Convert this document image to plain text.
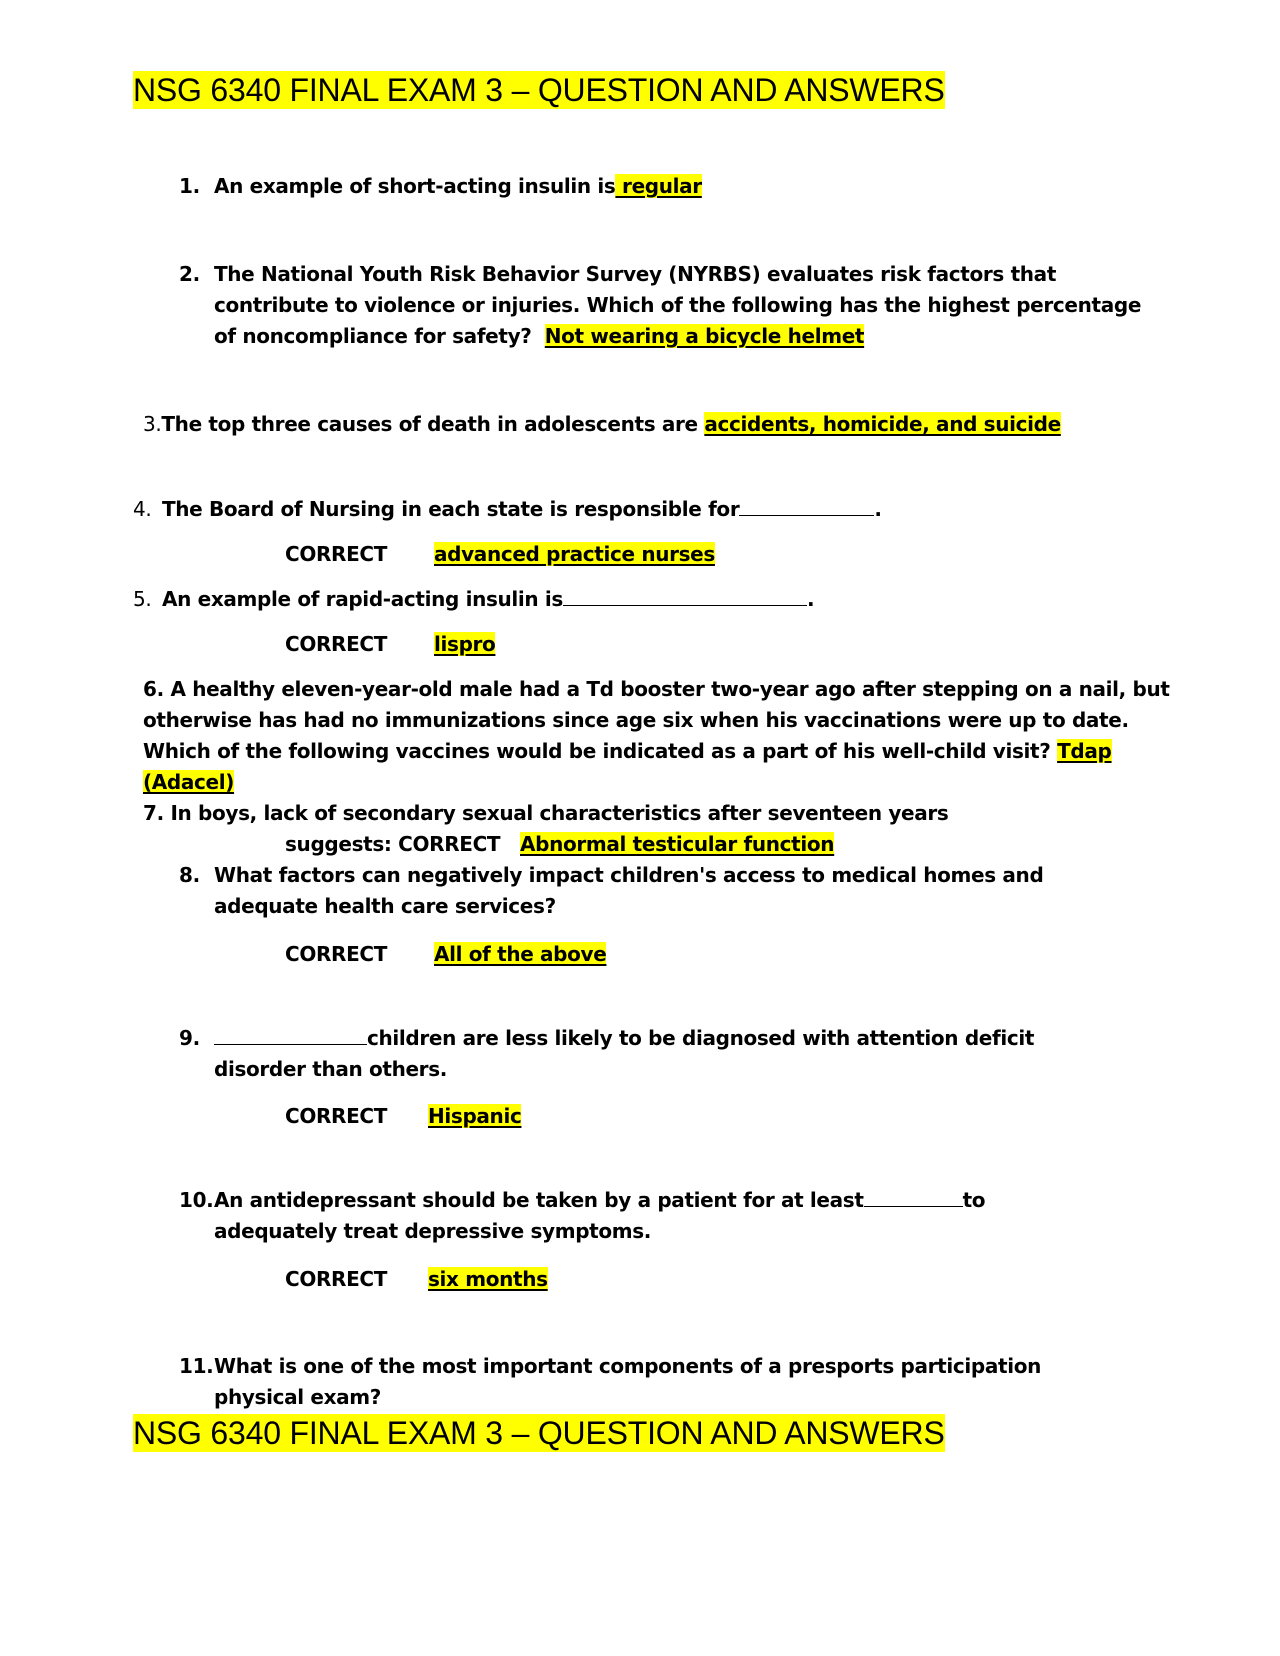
NSG 6340 FINAL EXAM 3 – QUESTION AND ANSWERS
1. An example of short-acting insulin is regular
2. The National Youth Risk Behavior Survey (NYRBS) evaluates risk factors that
contribute to violence or injuries. Which of the following has the highest percentage
of noncompliance for safety? Not wearing a bicycle helmet
3.The top three causes of death in adolescents are accidents, homicide, and suicide
4. The Board of Nursing in each state is responsible for	.
CORRECT advanced practice nurses
5. An example of rapid-acting insulin is	.
CORRECT lispro
6. A healthy eleven-year-old male had a Td booster two-year ago after stepping on a nail, but
otherwise has had no immunizations since age six when his vaccinations were up to date.
Which of the following vaccines would be indicated as a part of his well-child visit? Tdap
(Adacel)
7. In boys, lack of secondary sexual characteristics after seventeen years
suggests: CORRECT Abnormal testicular function
8. What factors can negatively impact children's access to medical homes and
adequate health care services?
CORRECT All of the above
9.	children are less likely to be diagnosed with attention deficit
disorder than others.
CORRECT Hispanic
10.An antidepressant should be taken by a patient for at least	to
adequately treat depressive symptoms.
CORRECT six months
11.What is one of the most important components of a presports participation
physical exam?
NSG 6340 FINAL EXAM 3 – QUESTION AND ANSWERS
